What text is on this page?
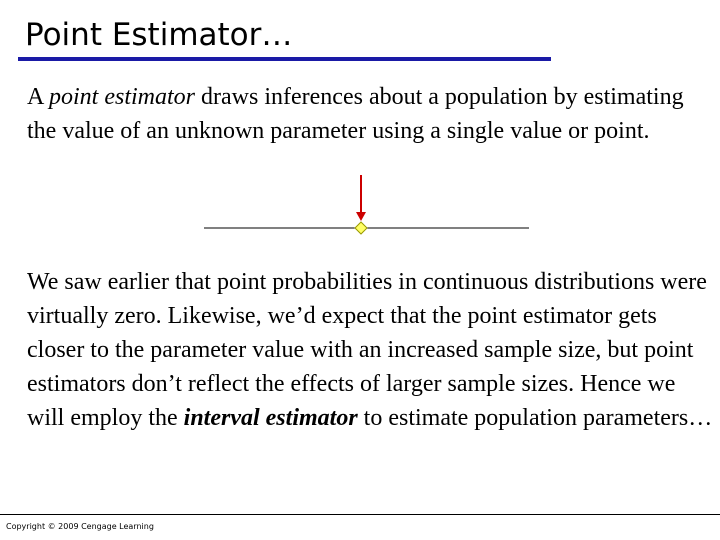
Point Estimator…

A point estimator draws inferences about a population by estimating the value of an unknown parameter using a single value or point.

We saw earlier that point probabilities in continuous distributions were virtually zero. Likewise, we’d expect that the point estimator gets closer to the parameter value with an increased sample size, but point estimators don’t reflect the effects of larger sample sizes. Hence we will employ the interval estimator to estimate population parameters…

Copyright © 2009 Cengage Learning
